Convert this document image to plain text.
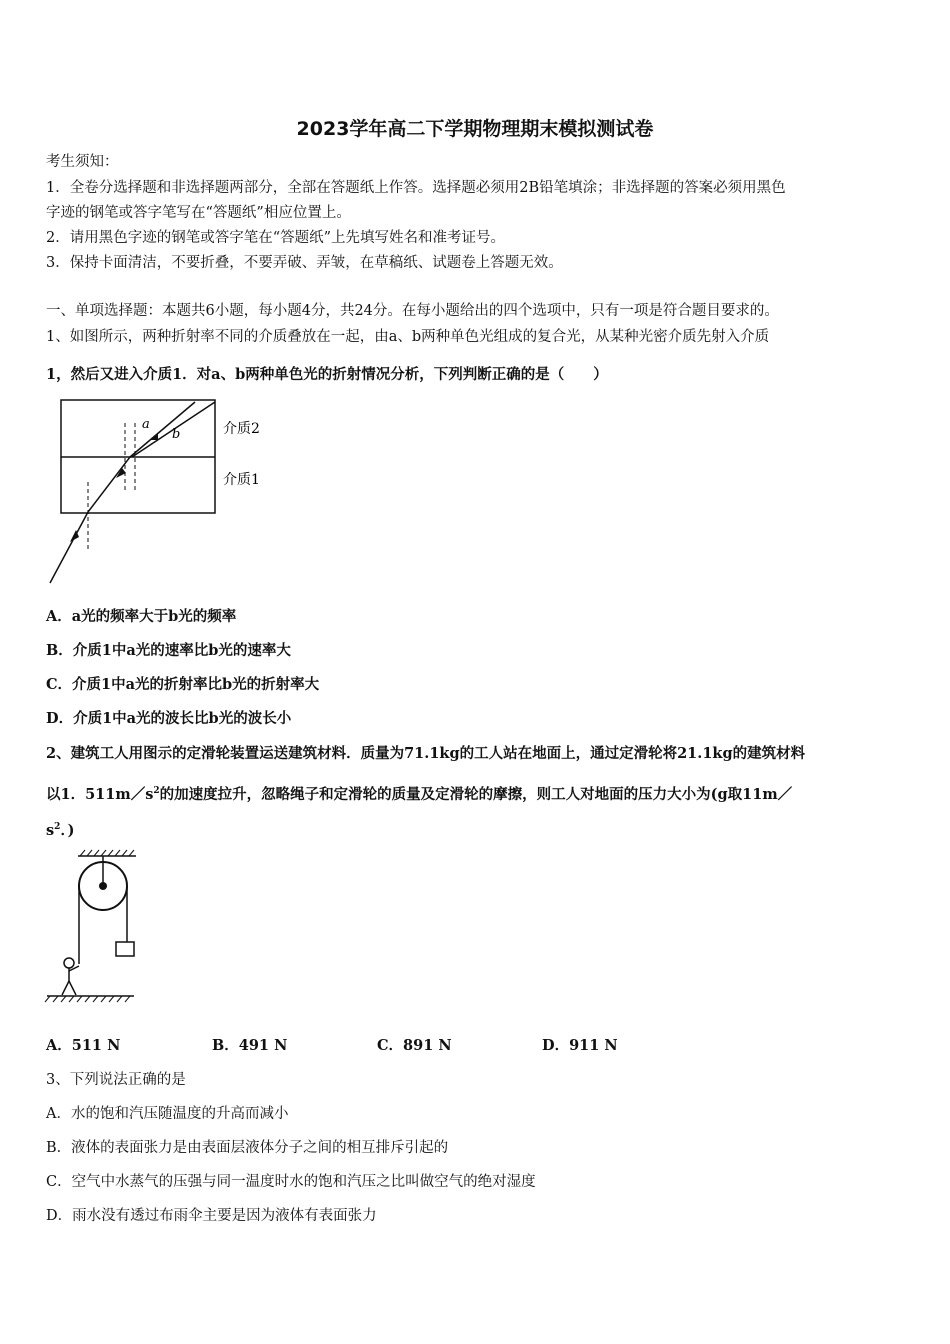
2023学年高二下学期物理期末模拟测试卷
考生须知：
1．全卷分选择题和非选择题两部分，全部在答题纸上作答。选择题必须用2B铅笔填涂；非选择题的答案必须用黑色
字迹的钢笔或答字笔写在“答题纸”相应位置上。
2．请用黑色字迹的钢笔或答字笔在“答题纸”上先填写姓名和准考证号。
3．保持卡面清洁，不要折叠，不要弄破、弄皱，在草稿纸、试题卷上答题无效。
一、单项选择题：本题共6小题，每小题4分，共24分。在每小题给出的四个选项中，只有一项是符合题目要求的。
1、如图所示，两种折射率不同的介质叠放在一起，由a、b两种单色光组成的复合光，从某种光密介质先射入介质
1，然后又进入介质1．对a、b两种单色光的折射情况分析，下列判断正确的是（　　）
a
b	介质2
介质1
A．a光的频率大于b光的频率
B．介质1中a光的速率比b光的速率大
C．介质1中a光的折射率比b光的折射率大
D．介质1中a光的波长比b光的波长小
2、建筑工人用图示的定滑轮装置运送建筑材料．质量为71.1kg的工人站在地面上，通过定滑轮将21.1kg的建筑材料
以1．$511m/s^2$的加速度拉升，忽略绳子和定滑轮的质量及定滑轮的摩擦，则工人对地面的压力大小为(g取11m／
$s^2$．)
A．511 N	B．491 N	C．891 N	D．911 N
3、下列说法正确的是
A．水的饱和汽压随温度的升高而减小
B．液体的表面张力是由表面层液体分子之间的相互排斥引起的
C．空气中水蒸气的压强与同一温度时水的饱和汽压之比叫做空气的绝对湿度
D．雨水没有透过布雨伞主要是因为液体有表面张力
